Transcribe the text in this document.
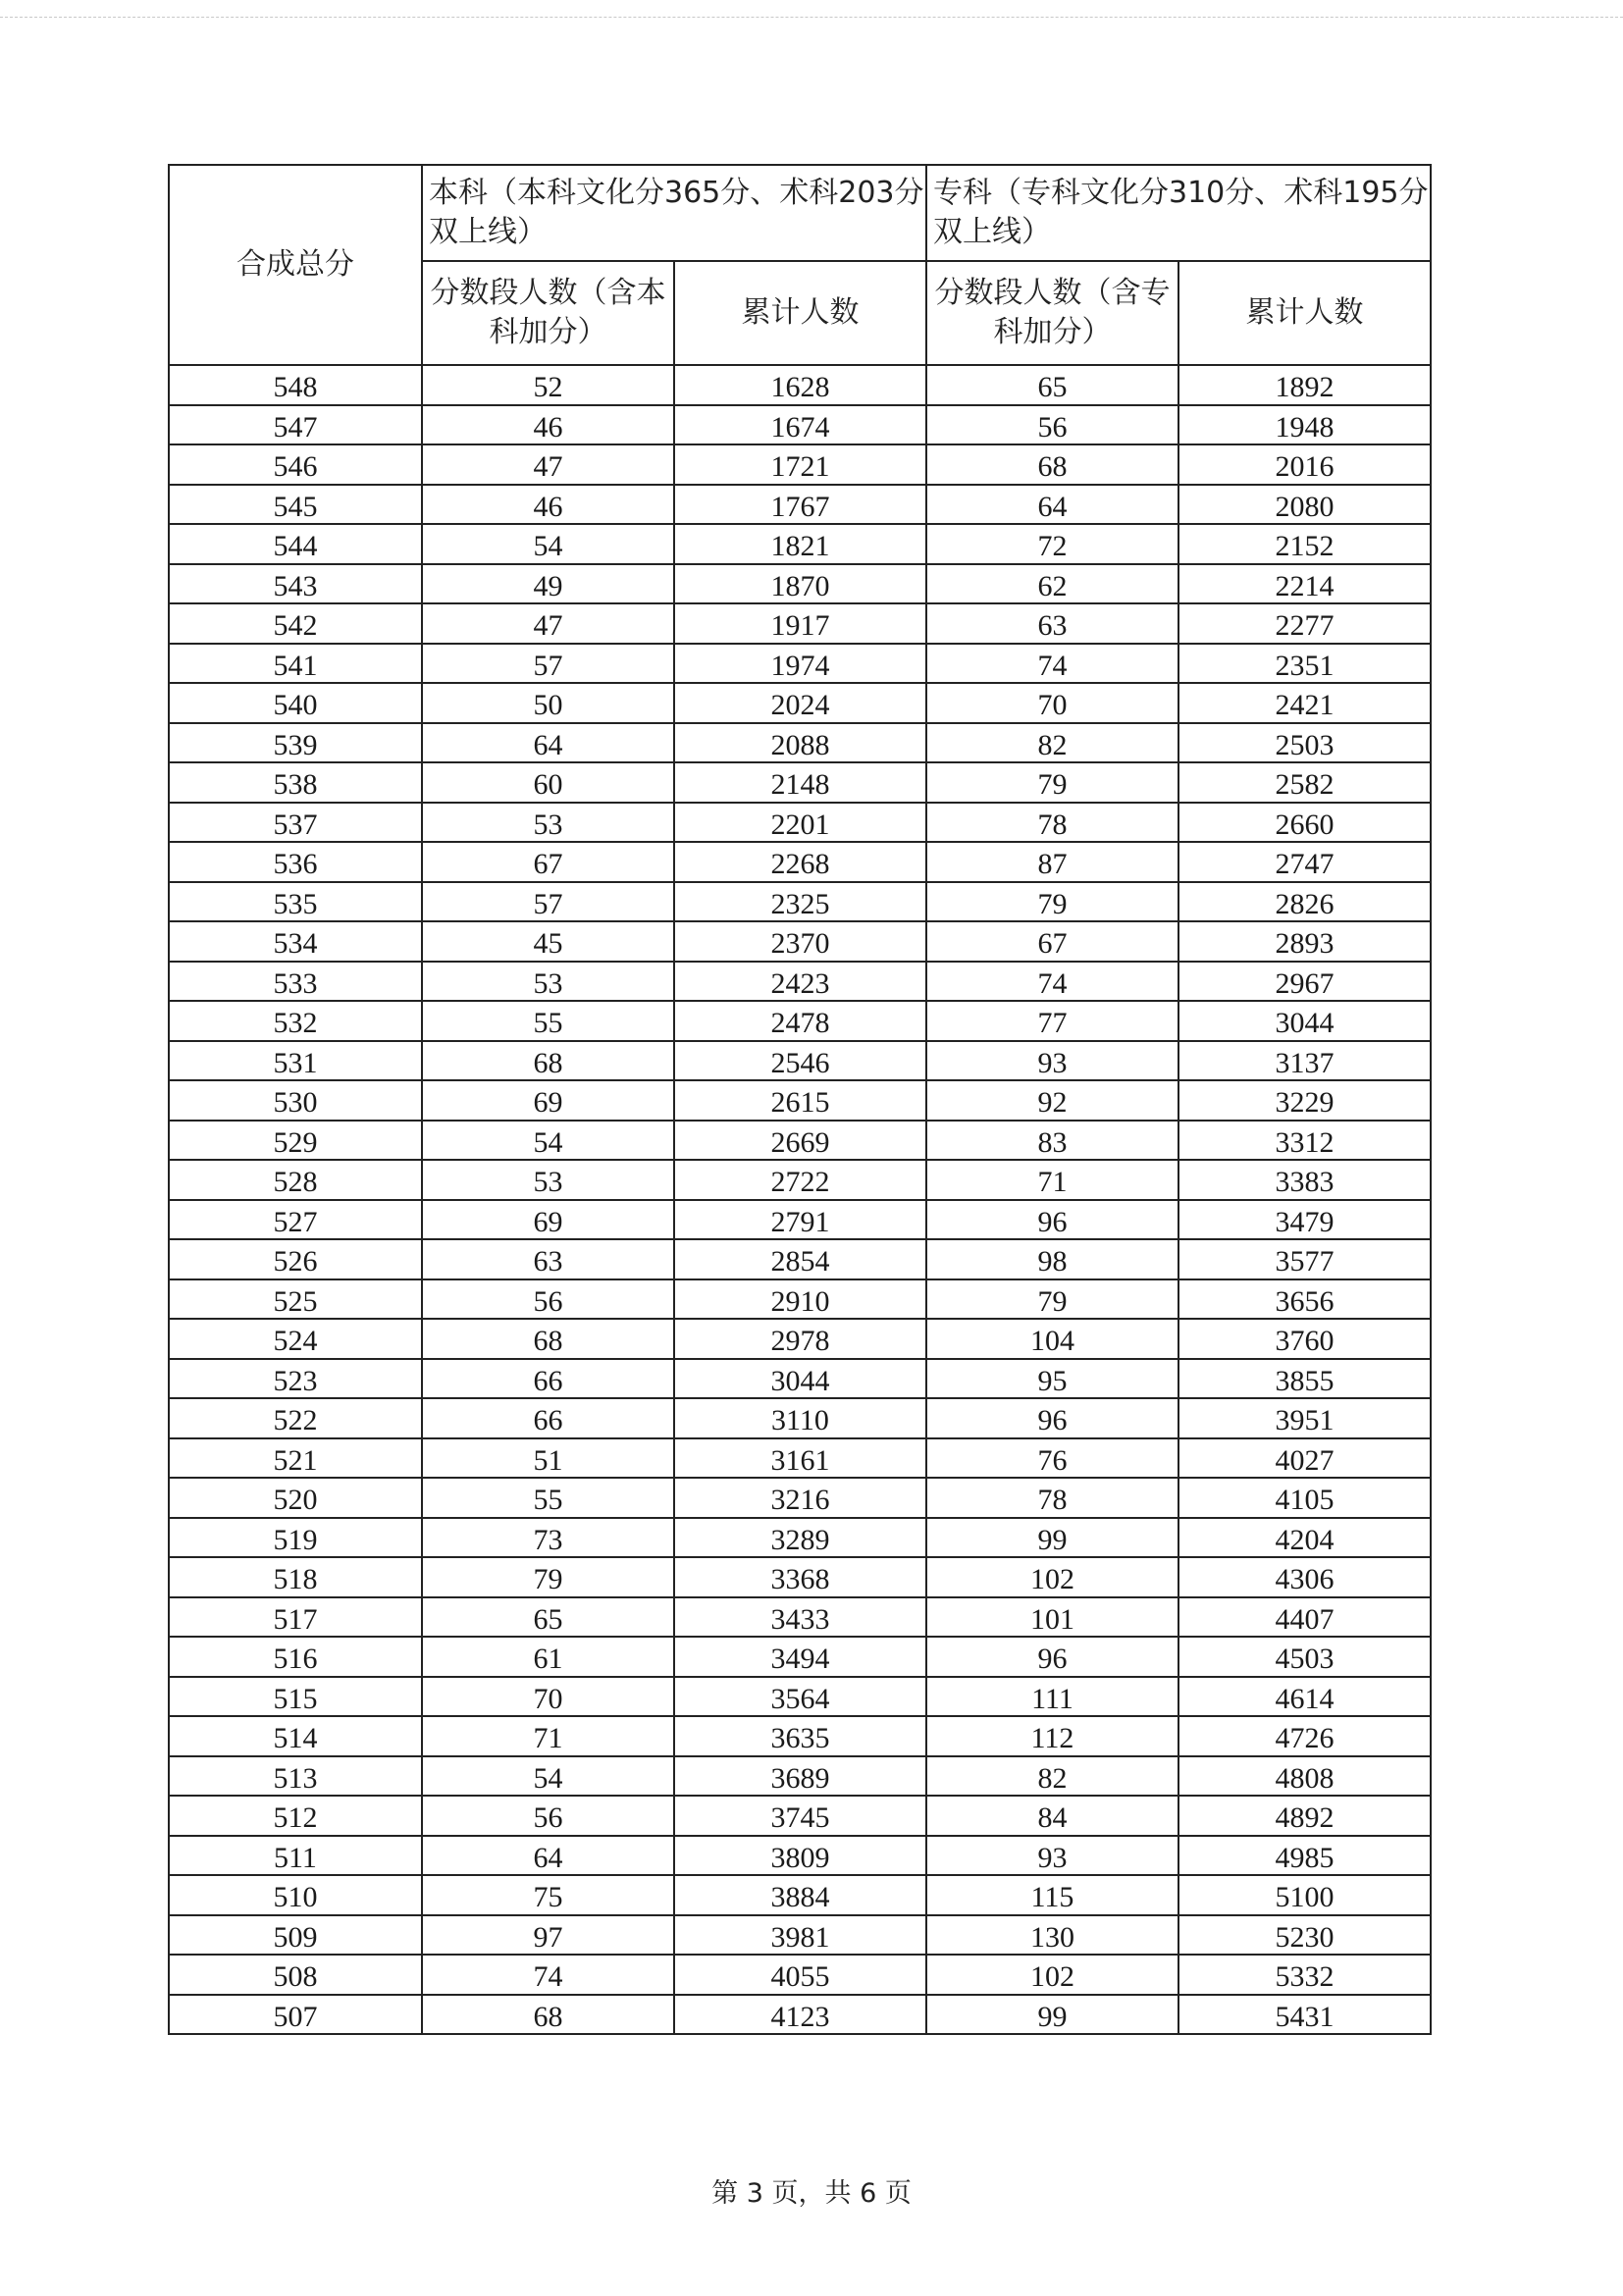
合成总分	本科（本科文化分365分、术科203分双上线）		专科（专科文化分310分、术科195分双上线）	
	分数段人数（含本科加分）	累计人数	分数段人数（含专科加分）	累计人数
548	52	1628	65	1892
547	46	1674	56	1948
546	47	1721	68	2016
545	46	1767	64	2080
544	54	1821	72	2152
543	49	1870	62	2214
542	47	1917	63	2277
541	57	1974	74	2351
540	50	2024	70	2421
539	64	2088	82	2503
538	60	2148	79	2582
537	53	2201	78	2660
536	67	2268	87	2747
535	57	2325	79	2826
534	45	2370	67	2893
533	53	2423	74	2967
532	55	2478	77	3044
531	68	2546	93	3137
530	69	2615	92	3229
529	54	2669	83	3312
528	53	2722	71	3383
527	69	2791	96	3479
526	63	2854	98	3577
525	56	2910	79	3656
524	68	2978	104	3760
523	66	3044	95	3855
522	66	3110	96	3951
521	51	3161	76	4027
520	55	3216	78	4105
519	73	3289	99	4204
518	79	3368	102	4306
517	65	3433	101	4407
516	61	3494	96	4503
515	70	3564	111	4614
514	71	3635	112	4726
513	54	3689	82	4808
512	56	3745	84	4892
511	64	3809	93	4985
510	75	3884	115	5100
509	97	3981	130	5230
508	74	4055	102	5332
507	68	4123	99	5431
第 3 页，共 6 页
